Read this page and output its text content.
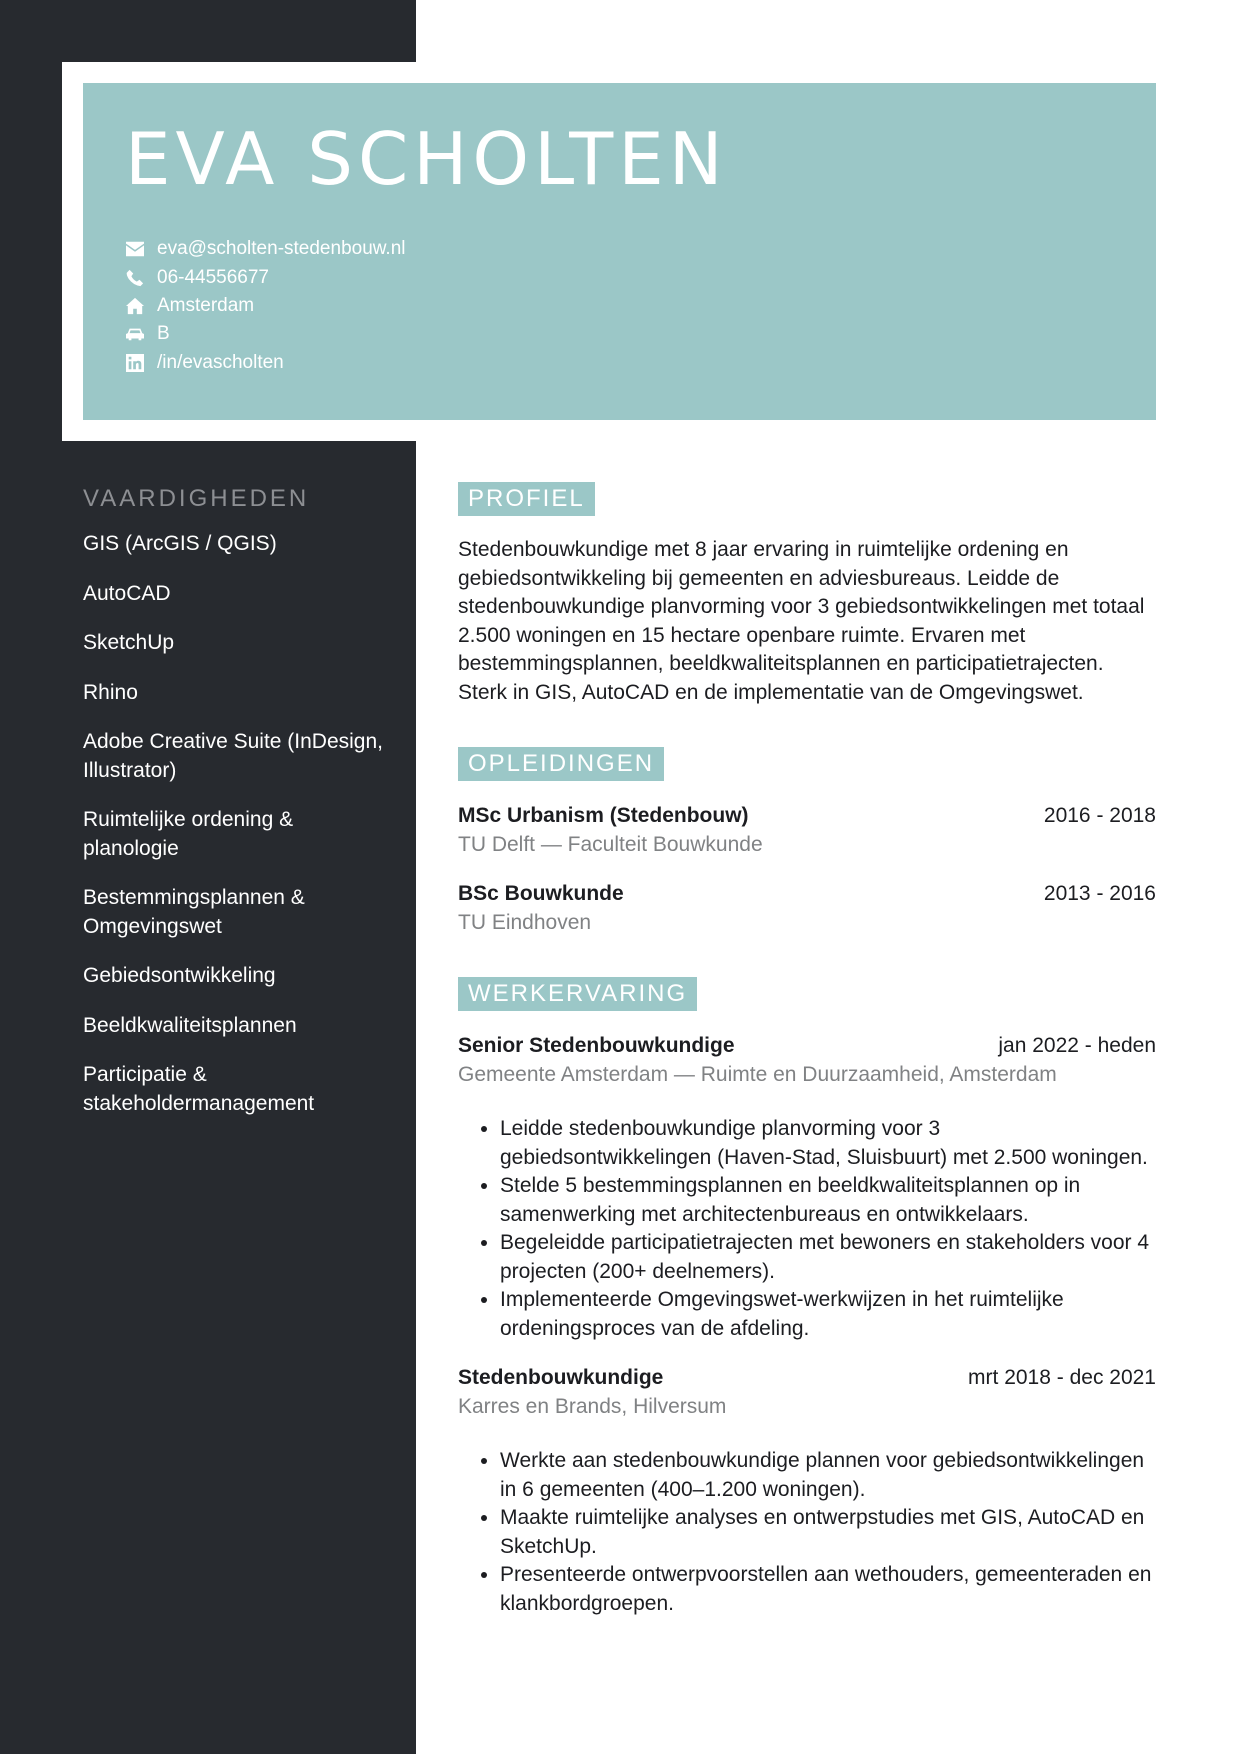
EVA SCHOLTEN
eva@scholten-stedenbouw.nl
06-44556677
Amsterdam
B
/in/evascholten
VAARDIGHEDEN
GIS (ArcGIS / QGIS)
AutoCAD
SketchUp
Rhino
Adobe Creative Suite (InDesign, Illustrator)
Ruimtelijke ordening & planologie
Bestemmingsplannen & Omgevingswet
Gebiedsontwikkeling
Beeldkwaliteitsplannen
Participatie & stakeholdermanagement
PROFIEL

Stedenbouwkundige met 8 jaar ervaring in ruimtelijke ordening en gebiedsontwikkeling bij gemeenten en adviesbureaus. Leidde de stedenbouwkundige planvorming voor 3 gebiedsontwikkelingen met totaal 2.500 woningen en 15 hectare openbare ruimte. Ervaren met bestemmingsplannen, beeldkwaliteitsplannen en participatietrajecten. Sterk in GIS, AutoCAD en de implementatie van de Omgevingswet.

OPLEIDINGEN
MSc Urbanism (Stedenbouw)	2016 - 2018
TU Delft — Faculteit Bouwkunde
BSc Bouwkunde	2013 - 2016
TU Eindhoven
WERKERVARING
Senior Stedenbouwkundige	jan 2022 - heden
Gemeente Amsterdam — Ruimte en Duurzaamheid, Amsterdam
• Leidde stedenbouwkundige planvorming voor 3 gebiedsontwikkelingen (Haven-Stad, Sluisbuurt) met 2.500 woningen.
• Stelde 5 bestemmingsplannen en beeldkwaliteitsplannen op in samenwerking met architectenbureaus en ontwikkelaars.
• Begeleidde participatietrajecten met bewoners en stakeholders voor 4 projecten (200+ deelnemers).
• Implementeerde Omgevingswet-werkwijzen in het ruimtelijke ordeningsproces van de afdeling.
Stedenbouwkundige	mrt 2018 - dec 2021
Karres en Brands, Hilversum
• Werkte aan stedenbouwkundige plannen voor gebiedsontwikkelingen in 6 gemeenten (400–1.200 woningen).
• Maakte ruimtelijke analyses en ontwerpstudies met GIS, AutoCAD en SketchUp.
• Presenteerde ontwerpvoorstellen aan wethouders, gemeenteraden en klankbordgroepen.
